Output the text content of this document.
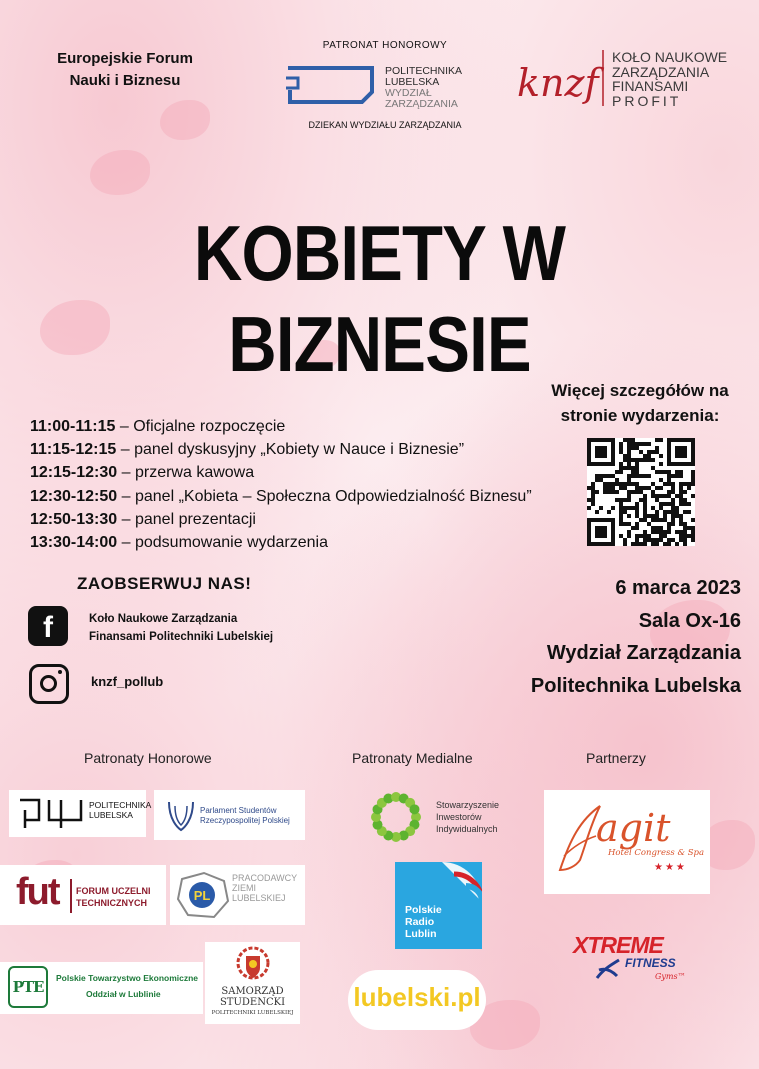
Europejskie Forum
Nauki i Biznesu
PATRONAT HONOROWY
POLITECHNIKA
LUBELSKA
WYDZIAŁ
ZARZĄDZANIA
DZIEKAN WYDZIAŁU ZARZĄDZANIA
knzf
KOŁO NAUKOWE
ZARZĄDZANIA
FINANSAMI
PROFIT
KOBIETY W BIZNESIE
Więcej szczegółów na
stronie wydarzenia:
11:00-11:15 – Oficjalne rozpoczęcie
11:15-12:15 – panel dyskusyjny „Kobiety w Nauce i Biznesie”
12:15-12:30 – przerwa kawowa
12:30-12:50 – panel „Kobieta – Społeczna Odpowiedzialność Biznesu”
12:50-13:30 – panel prezentacji
13:30-14:00 – podsumowanie wydarzenia
ZAOBSERWUJ NAS!
f	Koło Naukowe Zarządzania
Finansami Politechniki Lubelskiej
knzf_pollub
6 marca 2023
Sala Ox-16
Wydział Zarządzania
Politechnika Lubelska
Patronaty Honorowe	Patronaty Medialne	Partnerzy
POLITECHNIKA
LUBELSKA	Parlament Studentów
Rzeczypospolitej Polskiej
fut FORUM UCZELNI
TECHNICZNYCH	PL
PRACODAWCY
ZIEMI
LUBELSKIEJ
PTE	Polskie Towarzystwo Ekonomiczne
Oddział w Lublinie	SAMORZĄD
STUDENCKI
POLITECHNIKI LUBELSKIEJ
Stowarzyszenie
Inwestorów
Indywidualnych
Polskie
Radio
Lublin
lubelski.pl
agit
Hotel Congress & Spa
★★★
XTREME
FITNESS
Gyms™
